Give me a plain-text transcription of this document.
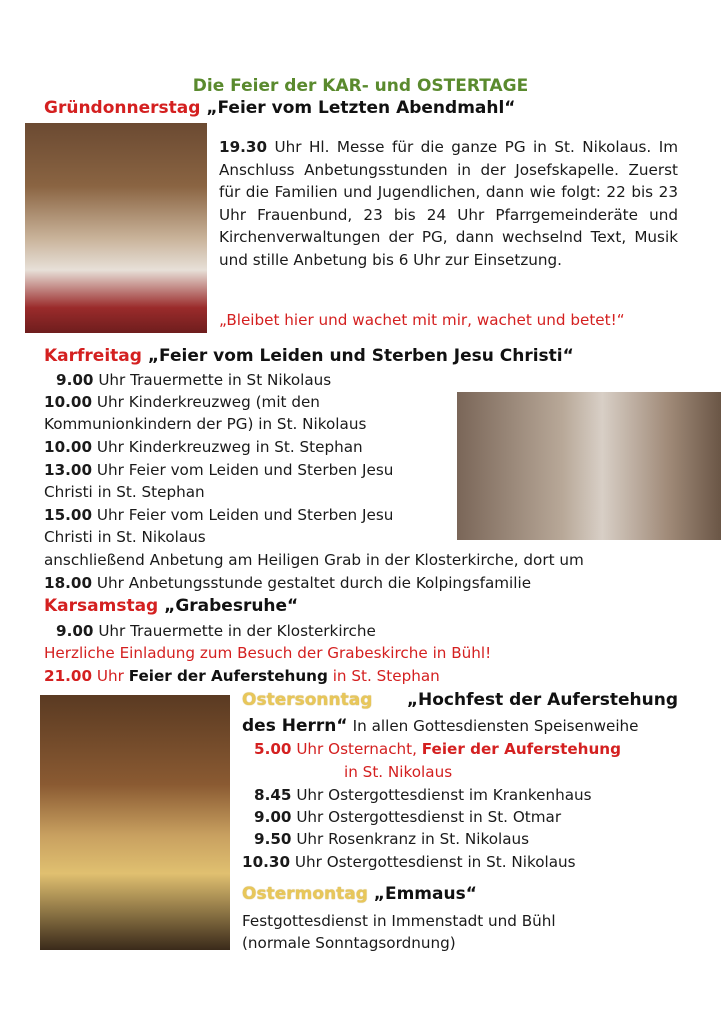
Die Feier der KAR- und OSTERTAGE
Gründonnerstag „Feier vom Letzten Abendmahl“
19.30 Uhr Hl. Messe für die ganze PG in St. Nikolaus. Im Anschluss Anbetungsstunden in der Josefskapelle. Zuerst für die Familien und Jugendlichen, dann wie folgt: 22 bis 23 Uhr Frauenbund, 23 bis 24 Uhr Pfarrgemeinderäte und Kirchenverwaltungen der PG, dann wechselnd Text, Musik und stille Anbetung bis 6 Uhr zur Einsetzung.
„Bleibet hier und wachet mit mir, wachet und betet!“
Karfreitag „Feier vom Leiden und Sterben Jesu Christi“
9.00 Uhr Trauermette in St Nikolaus
10.00 Uhr Kinderkreuzweg (mit den
Kommunionkindern der PG) in St. Nikolaus
10.00 Uhr Kinderkreuzweg in St. Stephan
13.00 Uhr Feier vom Leiden und Sterben Jesu
Christi in St. Stephan
15.00 Uhr Feier vom Leiden und Sterben Jesu
Christi in St. Nikolaus
anschließend Anbetung am Heiligen Grab in der Klosterkirche, dort um
18.00 Uhr Anbetungsstunde gestaltet durch die Kolpingsfamilie
Karsamstag „Grabesruhe“
9.00 Uhr Trauermette in der Klosterkirche
Herzliche Einladung zum Besuch der Grabeskirche in Bühl!
21.00 Uhr Feier der Auferstehung in St. Stephan
Ostersonntag „Hochfest der Auferstehung
des Herrn“ In allen Gottesdiensten Speisenweihe
5.00 Uhr Osternacht, Feier der Auferstehung
in St. Nikolaus
8.45 Uhr Ostergottesdienst im Krankenhaus
9.00 Uhr Ostergottesdienst in St. Otmar
9.50 Uhr Rosenkranz in St. Nikolaus
10.30 Uhr Ostergottesdienst in St. Nikolaus
Ostermontag „Emmaus“
Festgottesdienst in Immenstadt und Bühl
(normale Sonntagsordnung)
